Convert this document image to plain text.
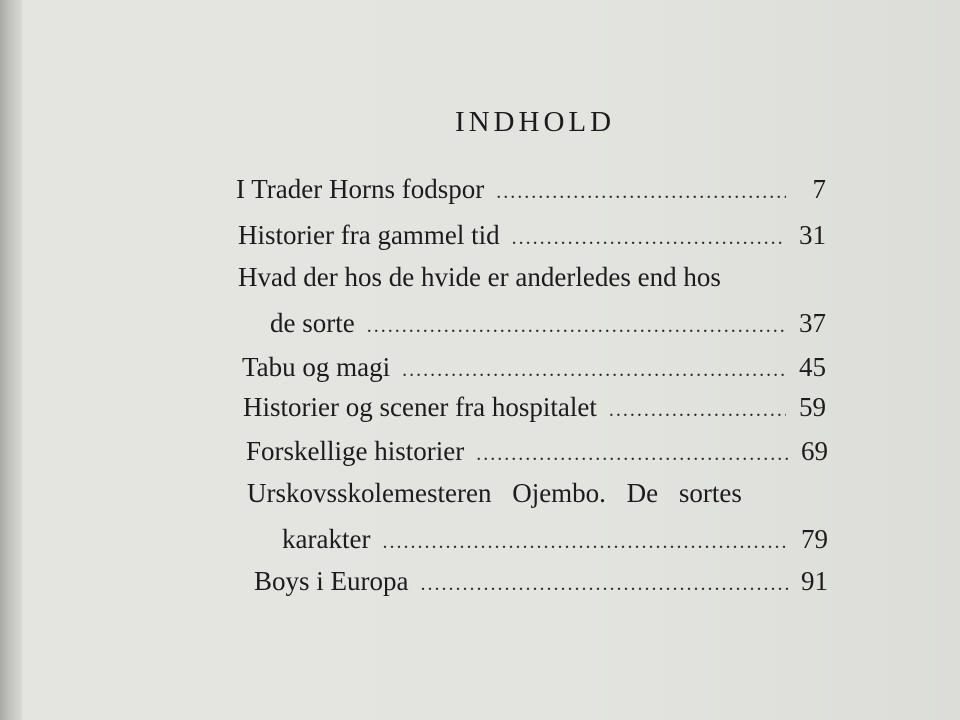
INDHOLD
I Trader Horns fodspor .....	7
Historier fra gammel tid .....	31
Hvad der hos de hvide er anderledes end hos
de sorte .....	37
Tabu og magi .....	45
Historier og scener fra hospitalet .....	59
Forskellige historier .....	69
Urskovsskolemesteren Ojembo. De sortes
karakter .....	79
Boys i Europa .....	91
